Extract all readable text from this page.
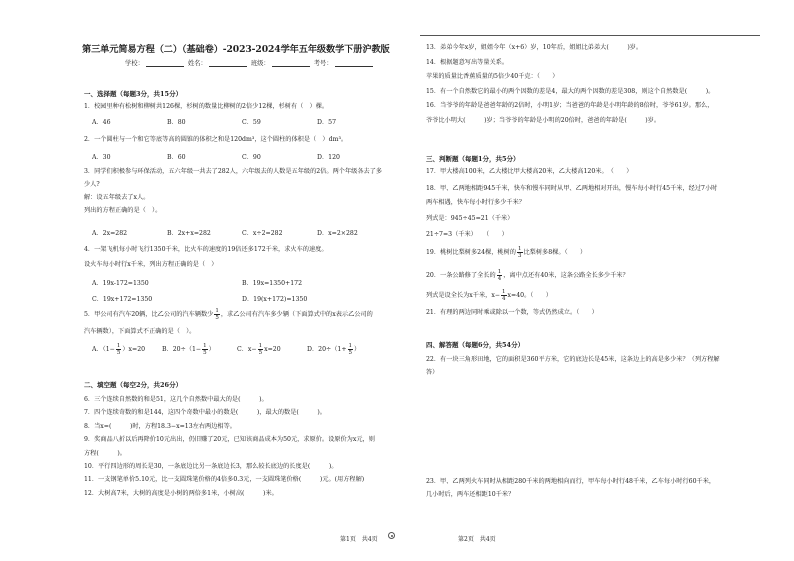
第三单元简易方程（二）（基础卷）-2023-2024学年五年级数学下册沪教版
学校：	姓名：	班级：	考号：
一、选择题（每题3分，共15分）
1．校园里种有松树和柳树共126棵，杉树的数量比柳树的2倍少12棵，杉树有（　）棵。
A．46	B．80	C．59	D．57
2．一个圆柱与一个和它等底等高的圆锥的体积之和是120dm³，这个圆柱的体积是（　）dm³。
A．30	B．60	C．90	D．120
3．同学们积极参与环保活动，五六年级一共去了282人，六年级去的人数是五年级的2倍。两个年级各去了多
少人?
解：设五年级去了x人。
列出的方程正确的是（　）。
A．2x=282	B．2x+x=282	C．x÷2=282	D．x=2×282
4．一架飞机每小时飞行1350千米，比火车的速度的19倍还多172千米，求火车的速度。
设火车每小时行x千米，列出方程正确的是（　）
A．19x-172=1350	B．19x=1350+172
C．19x+172=1350	D．19(x+172)=1350
5．甲公司有汽车20辆，比乙公司的汽车辆数少 $\frac{1}{5}$ ，求乙公司有汽车多少辆（下面算式中的x表示乙公司的
汽车辆数），下面算式不正确的是（　）。
A．$(1- \frac{1}{5} )x=20$	B．$20\div(1- \frac{1}{5}$ ）	C．$x- \frac{1}{5} x=20$	D．$20\div(1+ \frac{1}{5}$ ）
二、填空题（每空2分，共26分）
6．三个连续自然数的和是51，这几个自然数中最大的是(　　　)。
7．四个连续奇数的和是144，这四个奇数中最小的数是(　　　)，最大的数是(　　　)。
8．当x=(　　　)时，方程18.3−x=13左右两边相等。
9．奖商品八折以后再降价10元出出，仍旧赚了20元，已知该商品成本为50元，求原价。设原价为x元，则
方程(　　　)。
10．平行四边形的周长是30，一条底边比另一条底边长3，那么较长底边的长度是(　　　)。
11．一支钢笔单价5.10元，比一支圆珠笔价格的4倍多0.3元，一支圆珠笔价格(　　　)元。(用方程解)
12．大树高7米，大树的高度是小树的两倍多1米，小树高(　　　)米。
第1页　共4页
13．弟弟今年x岁，姐姐今年（x+6）岁，10年后，姐姐比弟弟大(　　　)岁。
14．根据题意写出等量关系。
苹果的质量比香蕉质量的5倍少40千克：（　　）
15．有一个自然数它的最小的两个因数的差是4，最大的两个因数的差是308，则这个自然数是(　　　)。
16．当爷爷的年龄是爸爸年龄的2倍时，小明1岁；当爸爸的年龄是小明年龄的8倍时，爷爷61岁。那么，
爷爷比小明大(　　　)岁；当爷爷的年龄是小明的20倍时，爸爸的年龄是(　　　)岁。
三、判断题（每题1分，共5分）
17．甲大楼高100米，乙大楼比甲大楼高20米，乙大楼高120米。　（　　）
18．甲、乙两地相距945千米，快车和慢车同时从甲、乙两地相对开出，慢车每小时行45千米，经过7小时
两车相遇，快车每小时行多少千米？
列式是：945÷45=21（千米）
21÷7=3（千米）　　（　　）
19．桃树比梨树多24棵，桃树的 $\frac{1}{3}$ 比梨树多8棵。（　　）
20．一条公路修了全长的 $\frac{1}{4}$ ，离中点还有40米，这条公路全长多少千米？
列式是设全长为x千米，$x- \frac{1}{4} x=40$。（　　）
21．有理的两边同时乘或除以一个数，等式仍然成立。（　　）
四、解答题（每题6分，共54分）
22．有一块三角形田地，它的面积是360平方米，它的底边长是45米，这条边上的高是多少米？（列方程解
答）
23．甲、乙两列火车同时从相距280千米的两地相向而行，甲车每小时行48千米，乙车每小时行60千米，
几小时后，两车还相距10千米？
第2页　共4页
